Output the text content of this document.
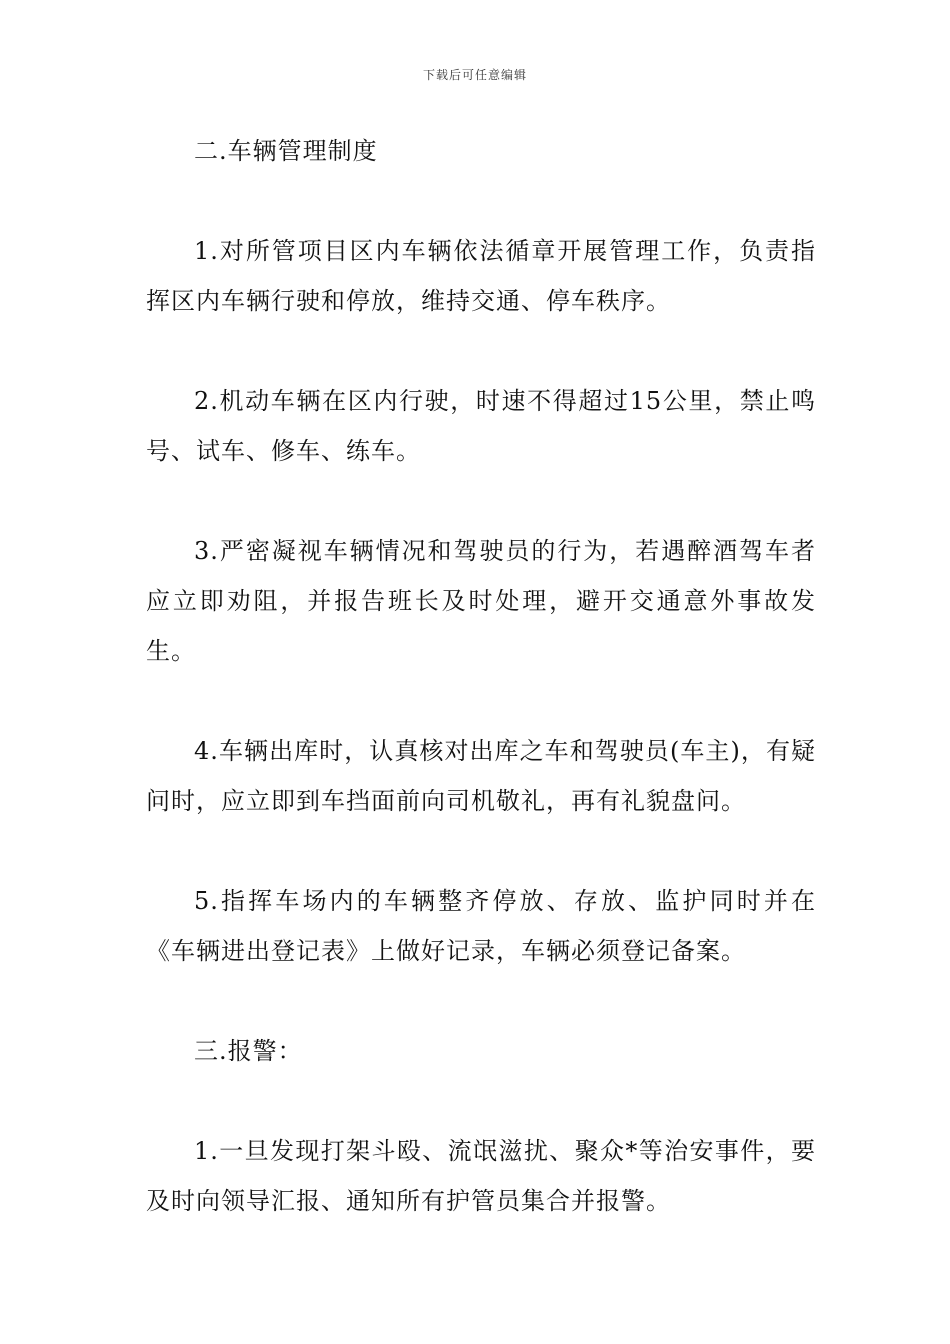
下载后可任意编辑

二.车辆管理制度

1.对所管项目区内车辆依法循章开展管理工作，负责指挥区内车辆行驶和停放，维持交通、停车秩序。

2.机动车辆在区内行驶，时速不得超过15公里，禁止鸣号、试车、修车、练车。

3.严密凝视车辆情况和驾驶员的行为，若遇醉酒驾车者应立即劝阻，并报告班长及时处理，避开交通意外事故发生。

4.车辆出库时，认真核对出库之车和驾驶员(车主)，有疑问时，应立即到车挡面前向司机敬礼，再有礼貌盘问。

5.指挥车场内的车辆整齐停放、存放、监护同时并在《车辆进出登记表》上做好记录，车辆必须登记备案。

三.报警：

1.一旦发现打架斗殴、流氓滋扰、聚众*等治安事件，要及时向领导汇报、通知所有护管员集合并报警。
